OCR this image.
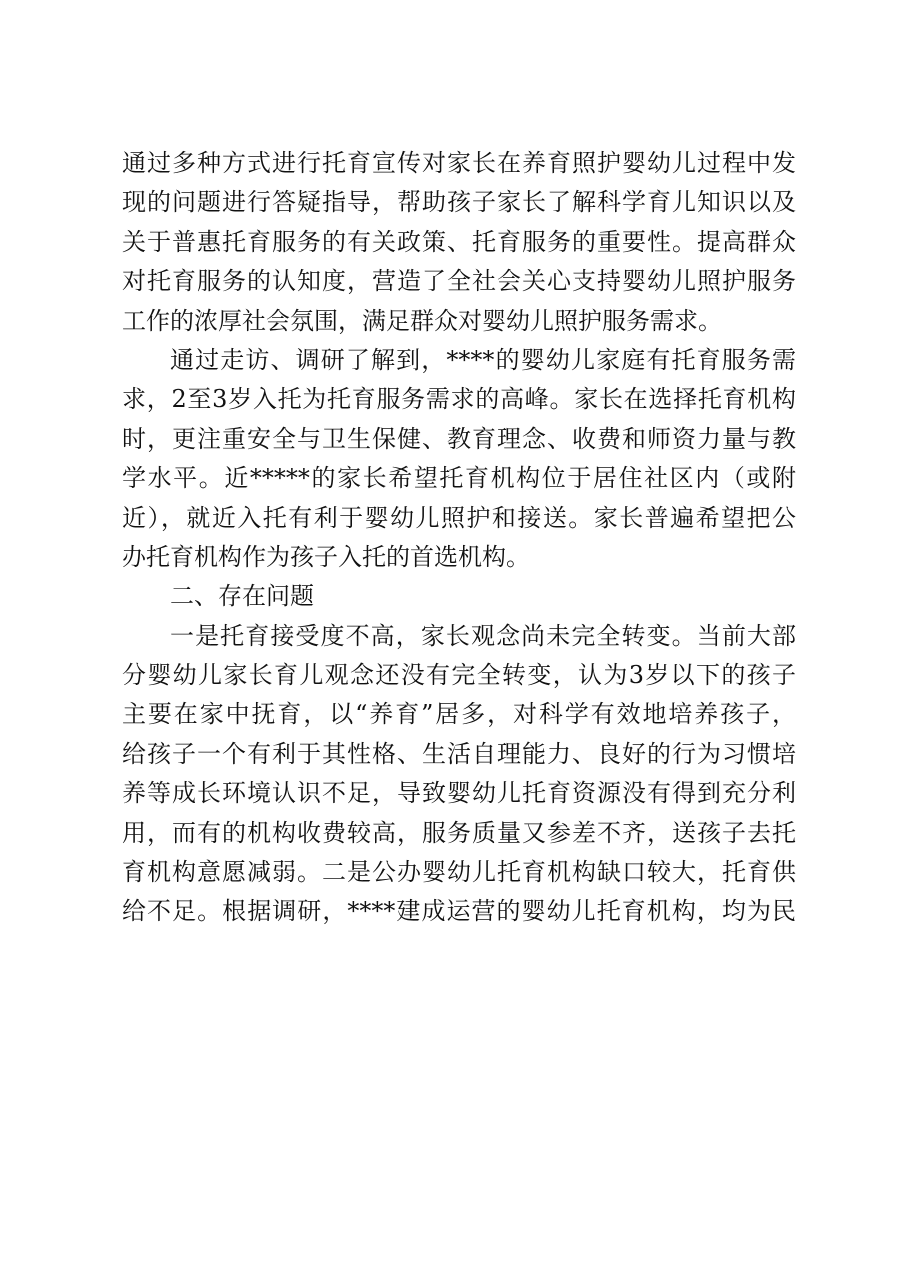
通过多种方式进行托育宣传对家长在养育照护婴幼儿过程中发
现的问题进行答疑指导，帮助孩子家长了解科学育儿知识以及
关于普惠托育服务的有关政策、托育服务的重要性。提高群众
对托育服务的认知度，营造了全社会关心支持婴幼儿照护服务
工作的浓厚社会氛围，满足群众对婴幼儿照护服务需求。
通过走访、调研了解到，****的婴幼儿家庭有托育服务需
求，2至3岁入托为托育服务需求的高峰。家长在选择托育机构
时，更注重安全与卫生保健、教育理念、收费和师资力量与教
学水平。近*****的家长希望托育机构位于居住社区内（或附
近），就近入托有利于婴幼儿照护和接送。家长普遍希望把公
办托育机构作为孩子入托的首选机构。
二、存在问题
一是托育接受度不高，家长观念尚未完全转变。当前大部
分婴幼儿家长育儿观念还没有完全转变，认为3岁以下的孩子
主要在家中抚育，以“养育”居多，对科学有效地培养孩子，
给孩子一个有利于其性格、生活自理能力、良好的行为习惯培
养等成长环境认识不足，导致婴幼儿托育资源没有得到充分利
用，而有的机构收费较高，服务质量又参差不齐，送孩子去托
育机构意愿减弱。二是公办婴幼儿托育机构缺口较大，托育供
给不足。根据调研，****建成运营的婴幼儿托育机构，均为民
